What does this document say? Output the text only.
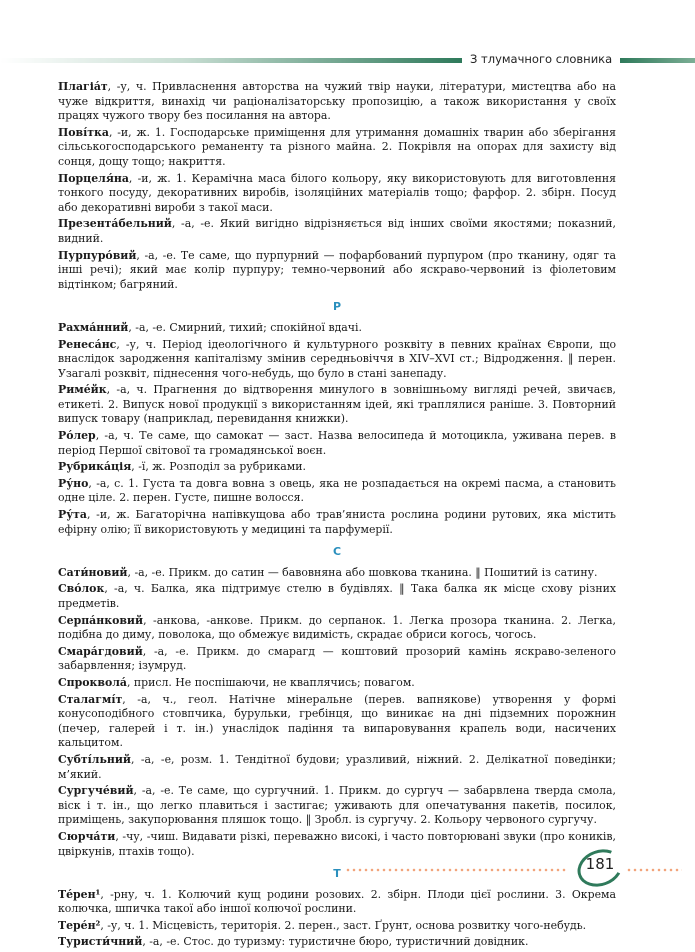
З тлумачного словника

Плагіа́т, -у, ч. Привласнення авторства на чужий твір науки, літератури, мистецтва або на чуже відкриття, винахід чи раціоналізаторську пропозицію, а також використання у своїх працях чужого твору без посилання на автора.

Пові́тка, -и, ж. 1. Господарське приміщення для утримання домашніх тварин або зберігання сільськогосподарського реманенту та різного майна. 2. Покрівля на опорах для захисту від сонця, дощу тощо; накриття.

Порцеля́на, -и, ж. 1. Керамічна маса білого кольору, яку використовують для виготовлення тонкого посуду, декоративних виробів, ізоляційних матеріалів тощо; фарфор. 2. збірн. Посуд або декоративні вироби з такої маси.

Презента́бельний, -а, -е. Який вигідно відрізняється від інших своїми якостями; показний, видний.

Пурпуро́вий, -а, -е. Те саме, що пурпурний — пофарбований пурпуром (про тканину, одяг та інші речі); який має колір пурпуру; темно-червоний або яскраво-червоний із фіолетовим відтінком; багряний.

Р

Рахма́нний, -а, -е. Смирний, тихий; спокійної вдачі.

Ренеса́нс, -у, ч. Період ідеологічного й культурного розквіту в певних країнах Європи, що внаслідок зародження капіталізму змінив середньовіччя в XIV–XVI ст.; Відродження. ‖ перен. Узагалі розквіт, піднесення чого-небудь, що було в стані занепаду.

Риме́йк, -а, ч. Прагнення до відтворення минулого в зовнішньому вигляді речей, звичаєв, етикеті. 2. Випуск нової продукції з використанням ідей, які траплялися раніше. 3. Повторний випуск товару (наприклад, перевидання книжки).

Ро́лер, -а, ч. Те саме, що самокат — заст. Назва велосипеда й мотоцикла, уживана перев. в період Першої світової та громадянської воєн.

Рубрика́ція, -ї, ж. Розподіл за рубриками.

Ру́но, -а, с. 1. Густа та довга вовна з овець, яка не розпадається на окремі пасма, а становить одне ціле. 2. перен. Густе, пишне волосся.

Ру́та, -и, ж. Багаторічна напівкущова або трав’яниста рослина родини рутових, яка містить ефірну олію; її використовують у медицині та парфумерії.

С

Сати́новий, -а, -е. Прикм. до сатин — бавовняна або шовкова тканина. ‖ Пошитий із сатину.

Сво́лок, -а, ч. Балка, яка підтримує стелю в будівлях. ‖ Така балка як місце схову різних предметів.

Серпа́нковий, -анкова, -анкове. Прикм. до серпанок. 1. Легка прозора тканина. 2. Легка, подібна до диму, поволока, що обмежує видимість, скрадає обриси когось, чогось.

Смара́гдовий, -а, -е. Прикм. до смарагд — коштовий прозорий камінь яскраво-зеленого забарвлення; ізумруд.

Спроквола́, присл. Не поспішаючи, не кваплячись; повагом.

Сталагмі́т, -а, ч., геол. Натічне мінеральне (перев. вапнякове) утворення у формі конусоподібного стовпчика, бурульки, гребінця, що виникає на дні підземних порожнин (печер, галерей і т. ін.) унаслідок падіння та випаровування крапель води, насичених кальцитом.

Субті́льний, -а, -е, розм. 1. Тендітної будови; уразливий, ніжний. 2. Делікатної поведінки; м’який.

Сургуче́вий, -а, -е. Те саме, що сургучний. 1. Прикм. до сургуч — забарвлена тверда смола, віск і т. ін., що легко плавиться і застигає; уживають для опечатування пакетів, посилок, приміщень, закупорювання пляшок тощо. ‖ Зробл. із сургучу. 2. Кольору червоного сургучу.

Сюрча́ти, -чу, -чиш. Видавати різкі, переважно високі, і часто повторювані звуки (про коників, цвіркунів, птахів тощо).

Т

Те́рен¹, -рну, ч. 1. Колючий кущ родини розових. 2. збірн. Плоди цієї рослини. 3. Окрема колючка, шпичка такої або іншої колючої рослини.

Тере́н², -у, ч. 1. Місцевість, територія. 2. перен., заст. Ґрунт, основа розвитку чого-небудь.

Туристи́чний, -а, -е. Стос. до туризму: туристичне бюро, туристичний довідник.

181
